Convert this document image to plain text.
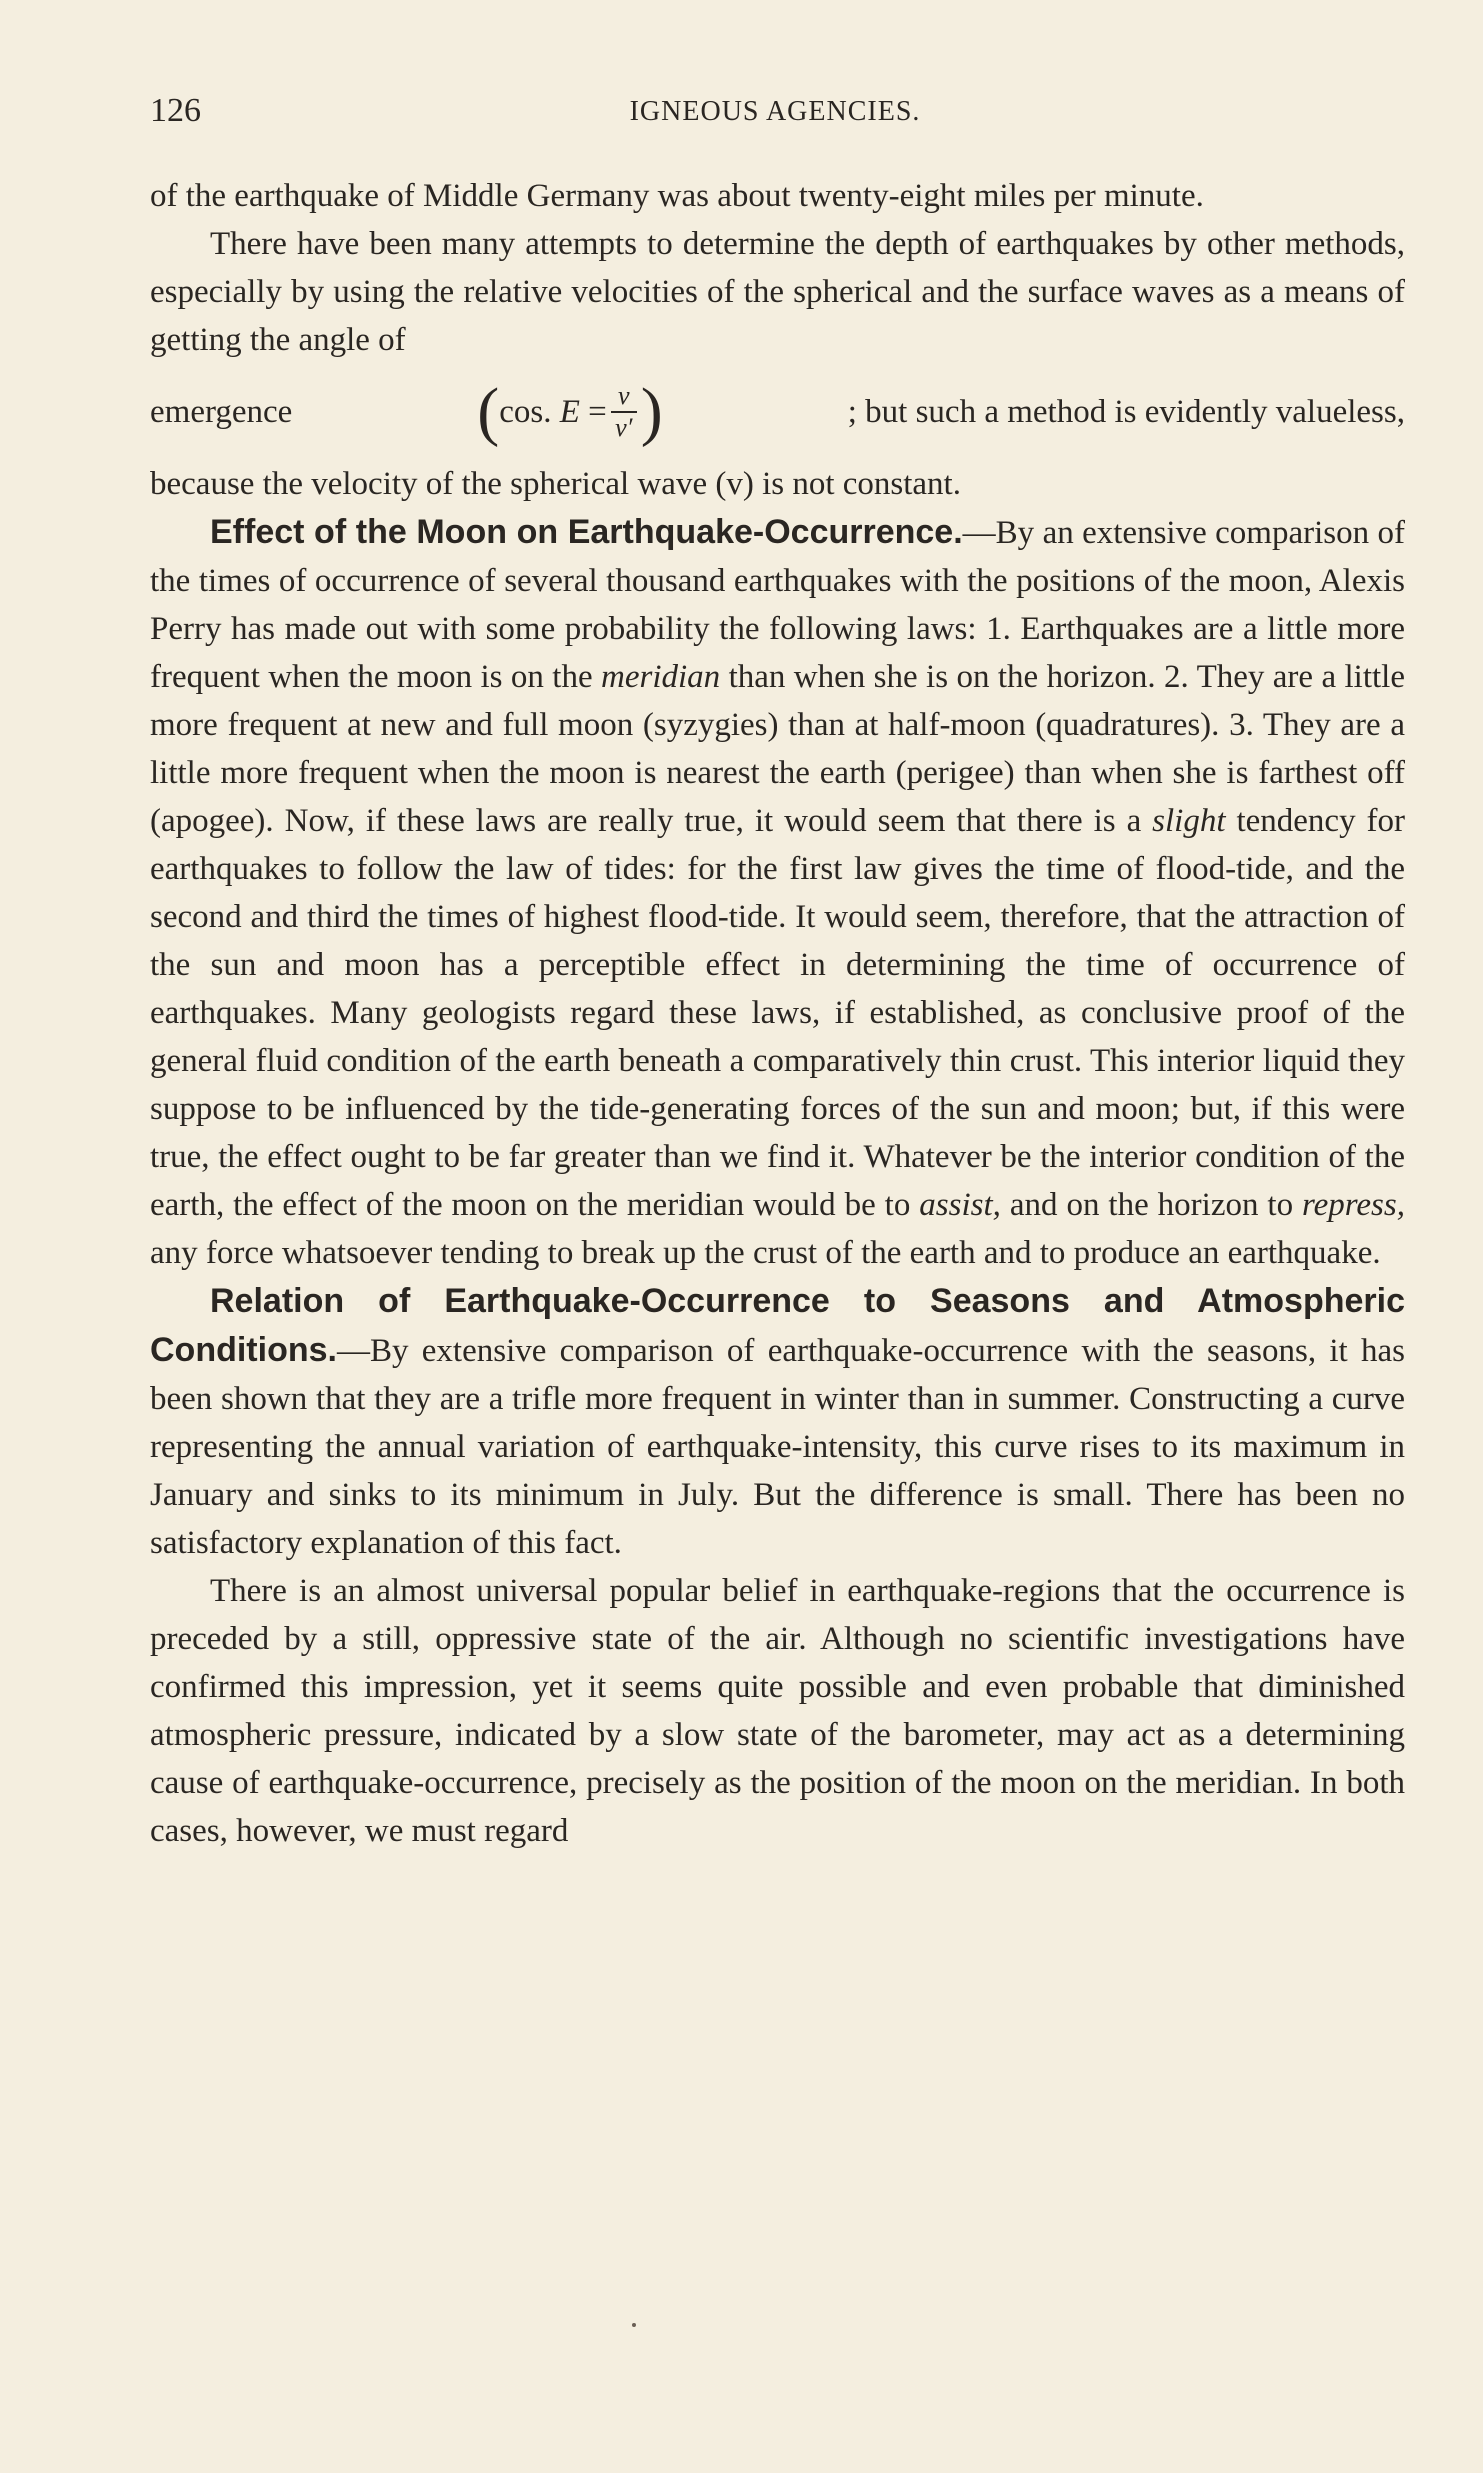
126	IGNEOUS AGENCIES.

of the earthquake of Middle Germany was about twenty-eight miles per minute.

There have been many attempts to determine the depth of earthquakes by other methods, especially by using the relative velocities of the spherical and the surface waves as a means of getting the angle of

emergence	( cos.
E
= $\frac{v}{v'}$ )	; but such a method is evidently valueless,

because the velocity of the spherical wave (v) is not constant.

Effect of the Moon on Earthquake-Occurrence.—By an extensive comparison of the times of occurrence of several thousand earthquakes with the positions of the moon, Alexis Perry has made out with some probability the following laws: 1. Earthquakes are a little more frequent when the moon is on the meridian than when she is on the horizon. 2. They are a little more frequent at new and full moon (syzygies) than at half-moon (quadratures). 3. They are a little more frequent when the moon is nearest the earth (perigee) than when she is farthest off (apogee). Now, if these laws are really true, it would seem that there is a slight tendency for earthquakes to follow the law of tides: for the first law gives the time of flood-tide, and the second and third the times of highest flood-tide. It would seem, therefore, that the attraction of the sun and moon has a perceptible effect in determining the time of occurrence of earthquakes. Many geologists regard these laws, if established, as conclusive proof of the general fluid condition of the earth beneath a comparatively thin crust. This interior liquid they suppose to be influenced by the tide-generating forces of the sun and moon; but, if this were true, the effect ought to be far greater than we find it. Whatever be the interior condition of the earth, the effect of the moon on the meridian would be to assist, and on the horizon to repress, any force whatsoever tending to break up the crust of the earth and to produce an earthquake.

Relation of Earthquake-Occurrence to Seasons and Atmospheric Conditions.—By extensive comparison of earthquake-occurrence with the seasons, it has been shown that they are a trifle more frequent in winter than in summer. Constructing a curve representing the annual variation of earthquake-intensity, this curve rises to its maximum in January and sinks to its minimum in July. But the difference is small. There has been no satisfactory explanation of this fact.

There is an almost universal popular belief in earthquake-regions that the occurrence is preceded by a still, oppressive state of the air. Although no scientific investigations have confirmed this impression, yet it seems quite possible and even probable that diminished atmospheric pressure, indicated by a slow state of the barometer, may act as a determining cause of earthquake-occurrence, precisely as the position of the moon on the meridian. In both cases, however, we must regard
